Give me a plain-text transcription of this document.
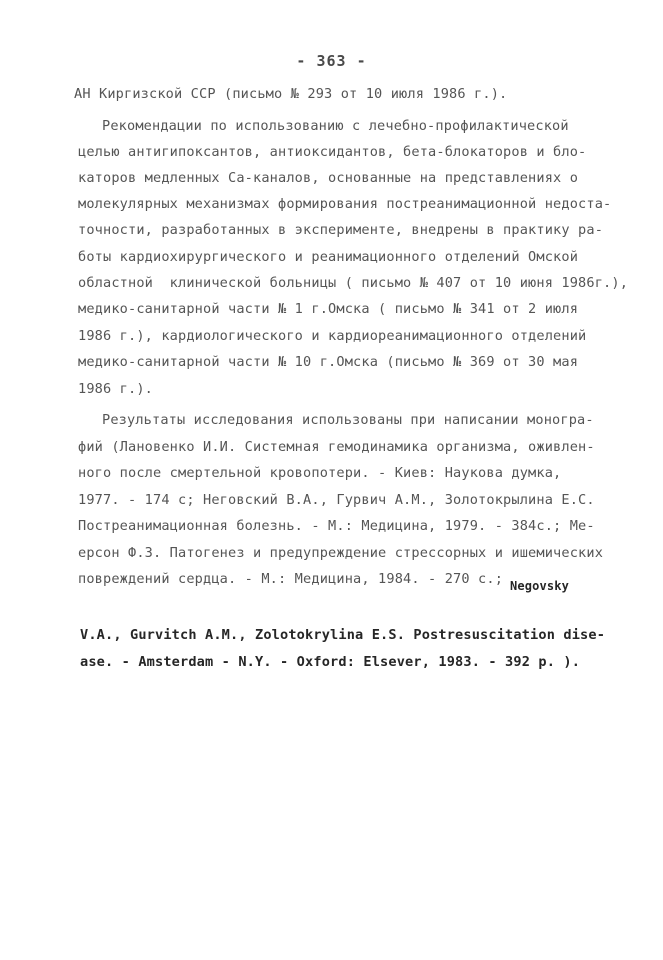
- 363 -
АН Киргизской ССР (письмо № 293 от 10 июля 1986 г.).
Рекомендации по использованию с лечебно-профилактической
целью антигипоксантов, антиоксидантов, бета-блокаторов и бло-
каторов медленных Са-каналов, основанные на представлениях о
молекулярных механизмах формирования постреанимационной недоста-
точности, разработанных в эксперименте, внедрены в практику ра-
боты кардиохирургического и реанимационного отделений Омской
областной  клинической больницы ( письмо № 407 от 10 июня 1986г.),
медико-санитарной части № 1 г.Омска ( письмо № 341 от 2 июля
1986 г.), кардиологического и кардиореанимационного отделений
медико-санитарной части № 10 г.Омска (письмо № 369 от 30 мая
1986 г.).
Результаты исследования использованы при написании моногра-
фий (Лановенко И.И. Системная гемодинамика организма, оживлен-
ного после смертельной кровопотери. - Киев: Наукова думка,
1977. - 174 с; Неговский В.А., Гурвич А.М., Золотокрылина Е.С.
Постреанимационная болезнь. - М.: Медицина, 1979. - 384с.; Ме-
ерсон Ф.З. Патогенез и предупреждение стрессорных и ишемических
повреждений сердца. - М.: Медицина, 1984. - 270 с.; Negovsky
V.A., Gurvitch A.M., Zolotokrylina E.S. Postresuscitation dise-
ase. - Amsterdam - N.Y. - Oxford: Elsever, 1983. - 392 p. ).
